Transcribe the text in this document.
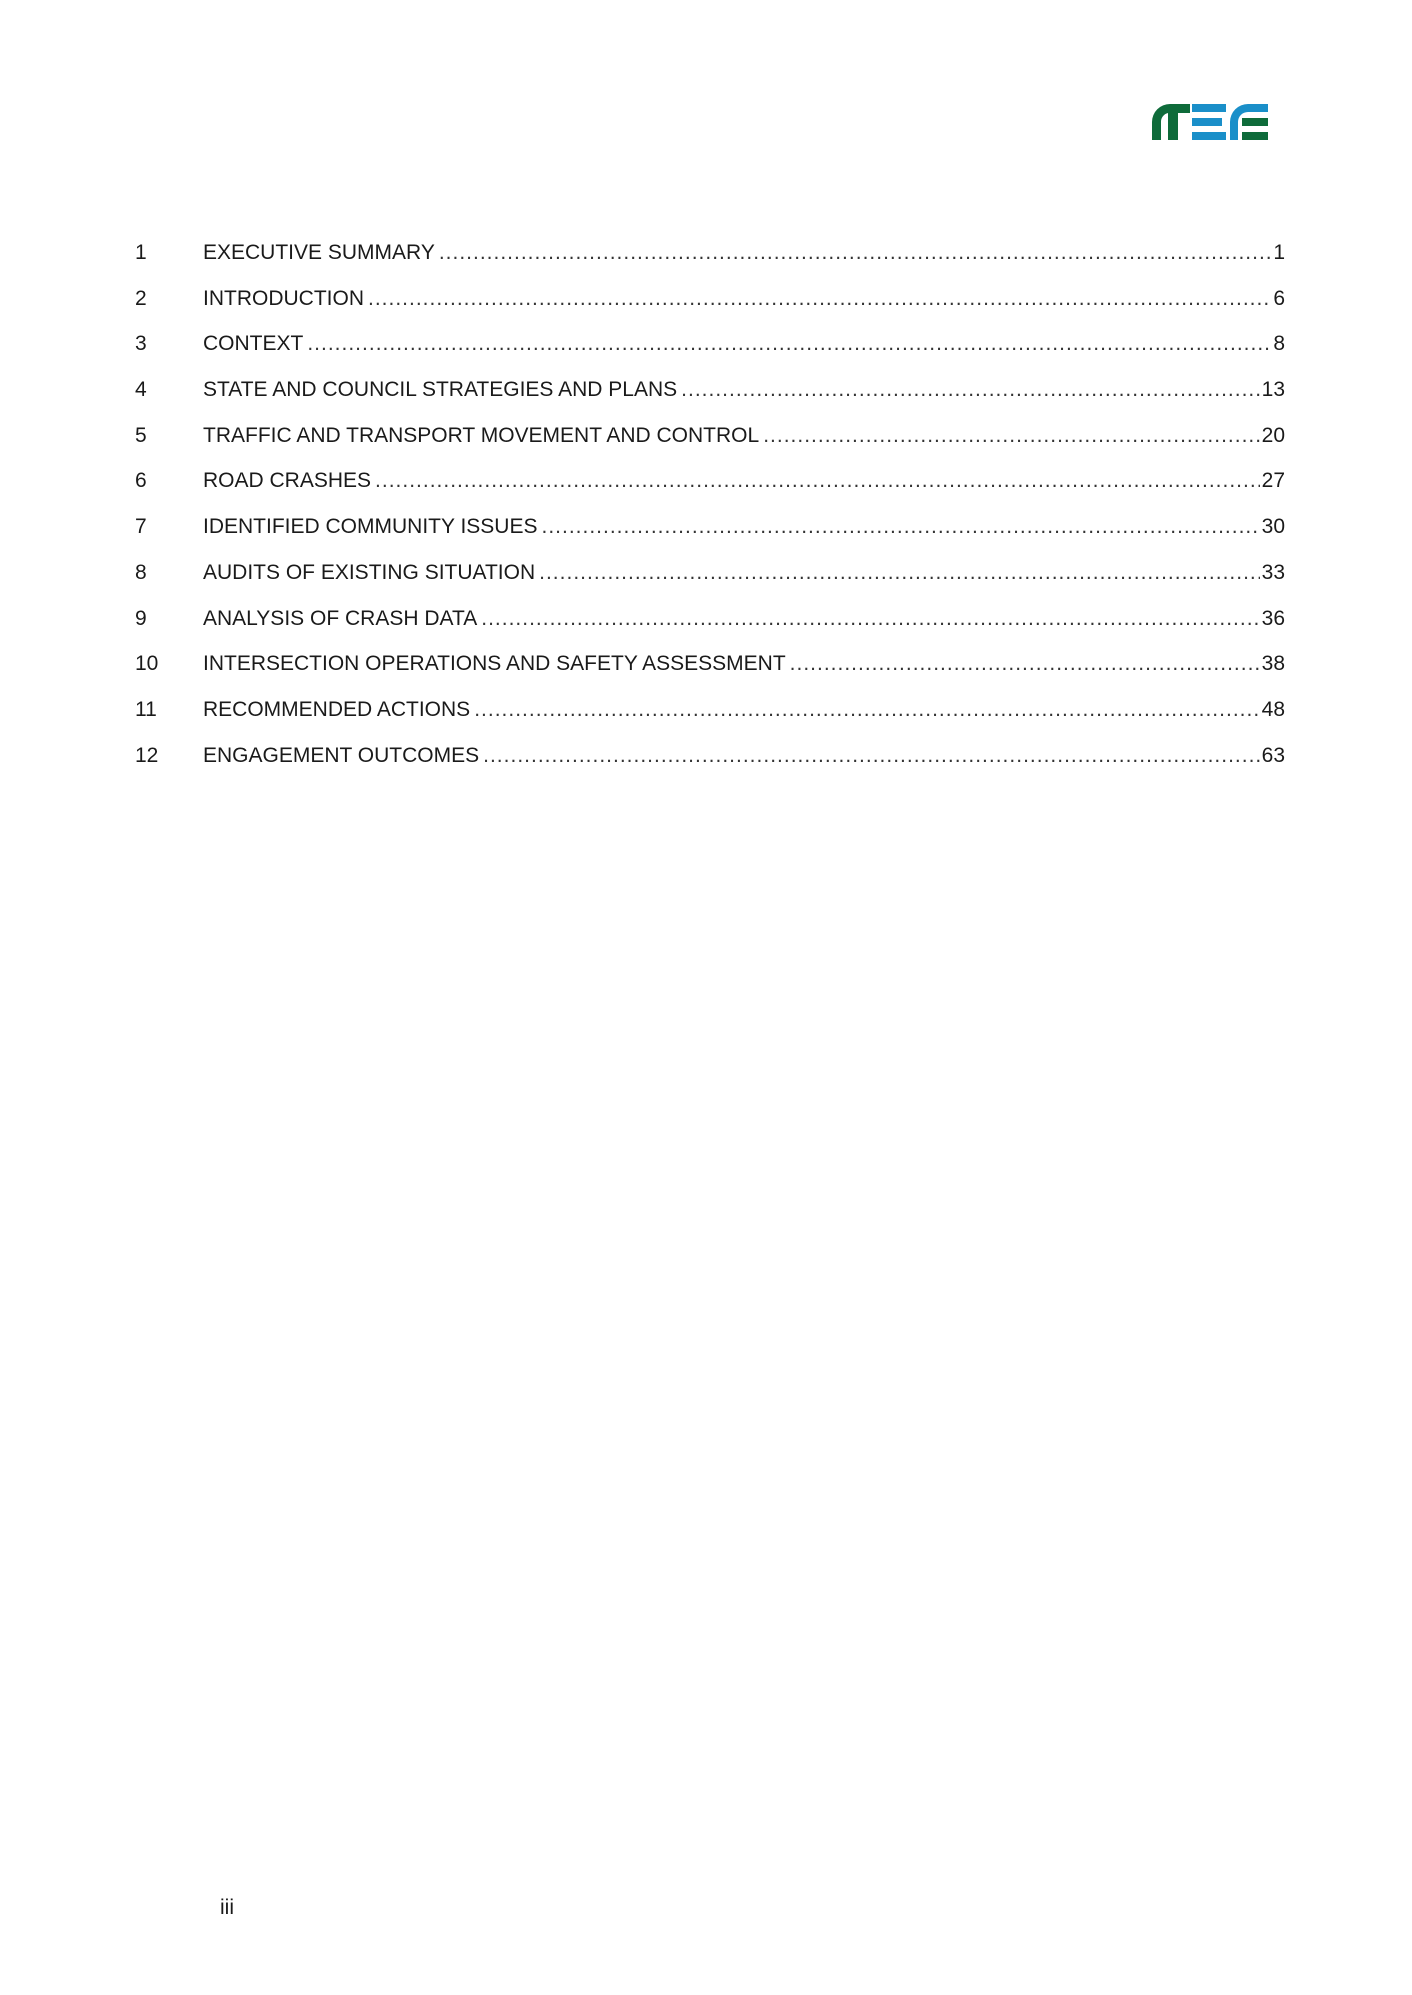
1	EXECUTIVE SUMMARY .....	1
2	INTRODUCTION .....	6
3	CONTEXT .....	8
4	STATE AND COUNCIL STRATEGIES AND PLANS .....	13
5	TRAFFIC AND TRANSPORT MOVEMENT AND CONTROL .....	20
6	ROAD CRASHES .....	27
7	IDENTIFIED COMMUNITY ISSUES .....	30
8	AUDITS OF EXISTING SITUATION .....	33
9	ANALYSIS OF CRASH DATA .....	36
10	INTERSECTION OPERATIONS AND SAFETY ASSESSMENT .....	38
11	RECOMMENDED ACTIONS .....	48
12	ENGAGEMENT OUTCOMES .....	63
iii
